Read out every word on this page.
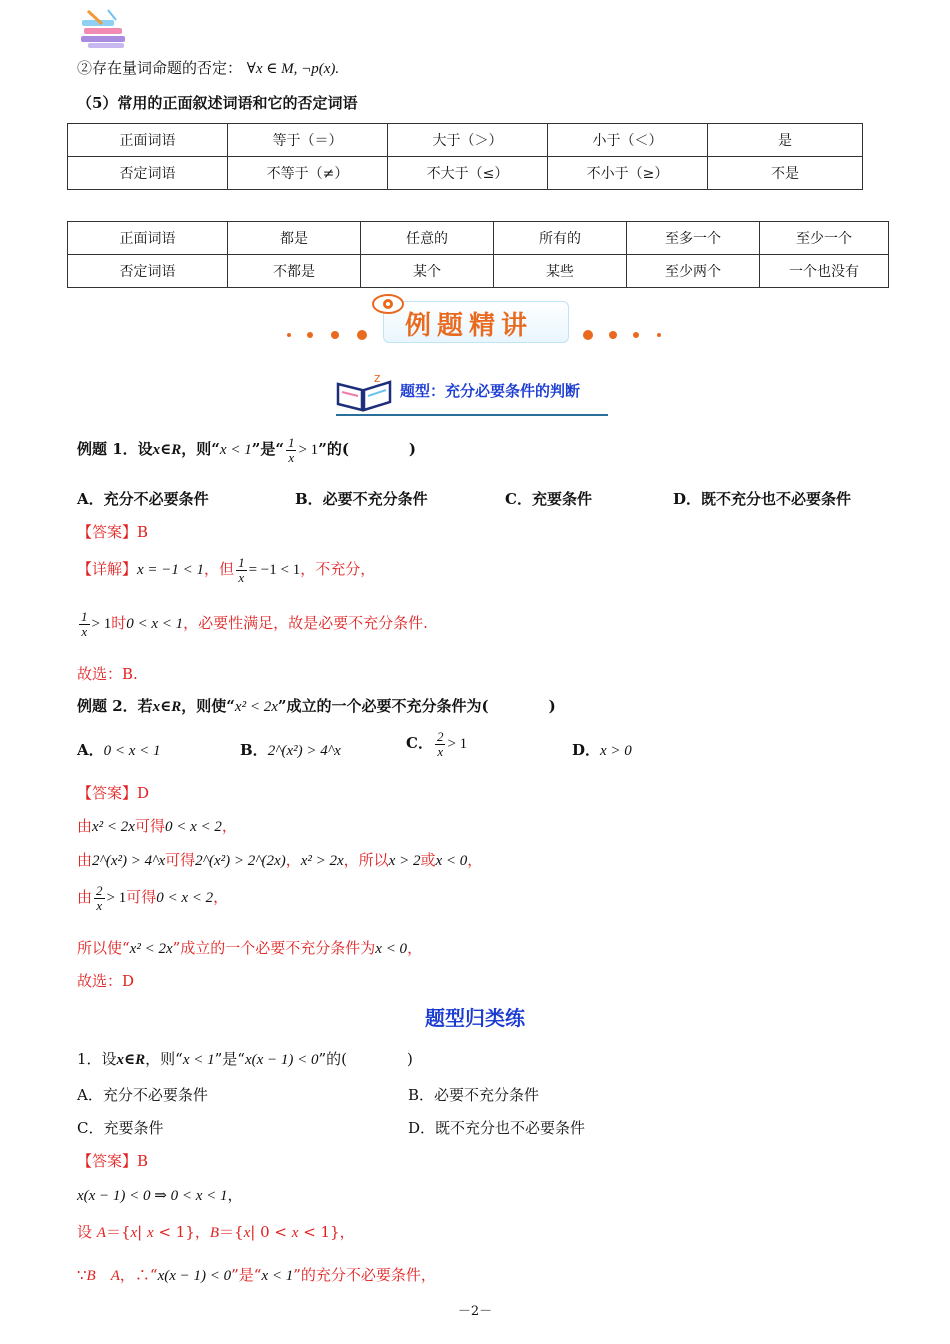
②存在量词命题的否定： ∀x ∈ M, ¬p(x).
（5）常用的正面叙述词语和它的否定词语
正面词语	等于（＝）	大于（＞）	小于（＜）	是
否定词语	不等于（≠）	不大于（≤）	不小于（≥）	不是
正面词语	都是	任意的	所有的	至多一个	至少一个
否定词语	不都是	某个	某些	至少两个	一个也没有
例题精讲
z
题型：充分必要条件的判断
例题 1．设x∈R，则“x < 1”是“ $\frac{1}{x} > 1$”的(　　　　)
A．充分不必要条件	B．必要不充分条件	C．充要条件	D．既不充分也不必要条件
【答案】B
【详解】x = −1 < 1，但 $\frac{1}{x} = -1 < 1$，不充分，
$\frac{1}{x} > 1$时0 < x < 1，必要性满足，故是必要不充分条件.
故选：B.
例题 2．若x∈R，则使“x² < 2x”成立的一个必要不充分条件为(　　　　)
A．0 < x < 1	B．2^(x²) > 4^x	C． $\frac{2}{x} > 1$	D．x > 0
【答案】D
由x² < 2x可得0 < x < 2，
由2^(x²) > 4^x可得2^(x²) > 2^(2x)，x² > 2x，所以x > 2或x < 0，
由 $\frac{2}{x} > 1$可得0 < x < 2，
所以使“x² < 2x”成立的一个必要不充分条件为x < 0，
故选：D
题型归类练
1．设x∈R，则“x < 1”是“x(x − 1) < 0”的(　　　　)
A．充分不必要条件	B．必要不充分条件
C．充要条件	D．既不充分也不必要条件
【答案】B
x(x − 1) < 0 ⇒ 0 < x < 1，
设 A＝{x| x < 1}，B＝{x| 0 < x < 1}，
∵B　 A，∴“x(x − 1) < 0”是“x < 1”的充分不必要条件，
－2－
